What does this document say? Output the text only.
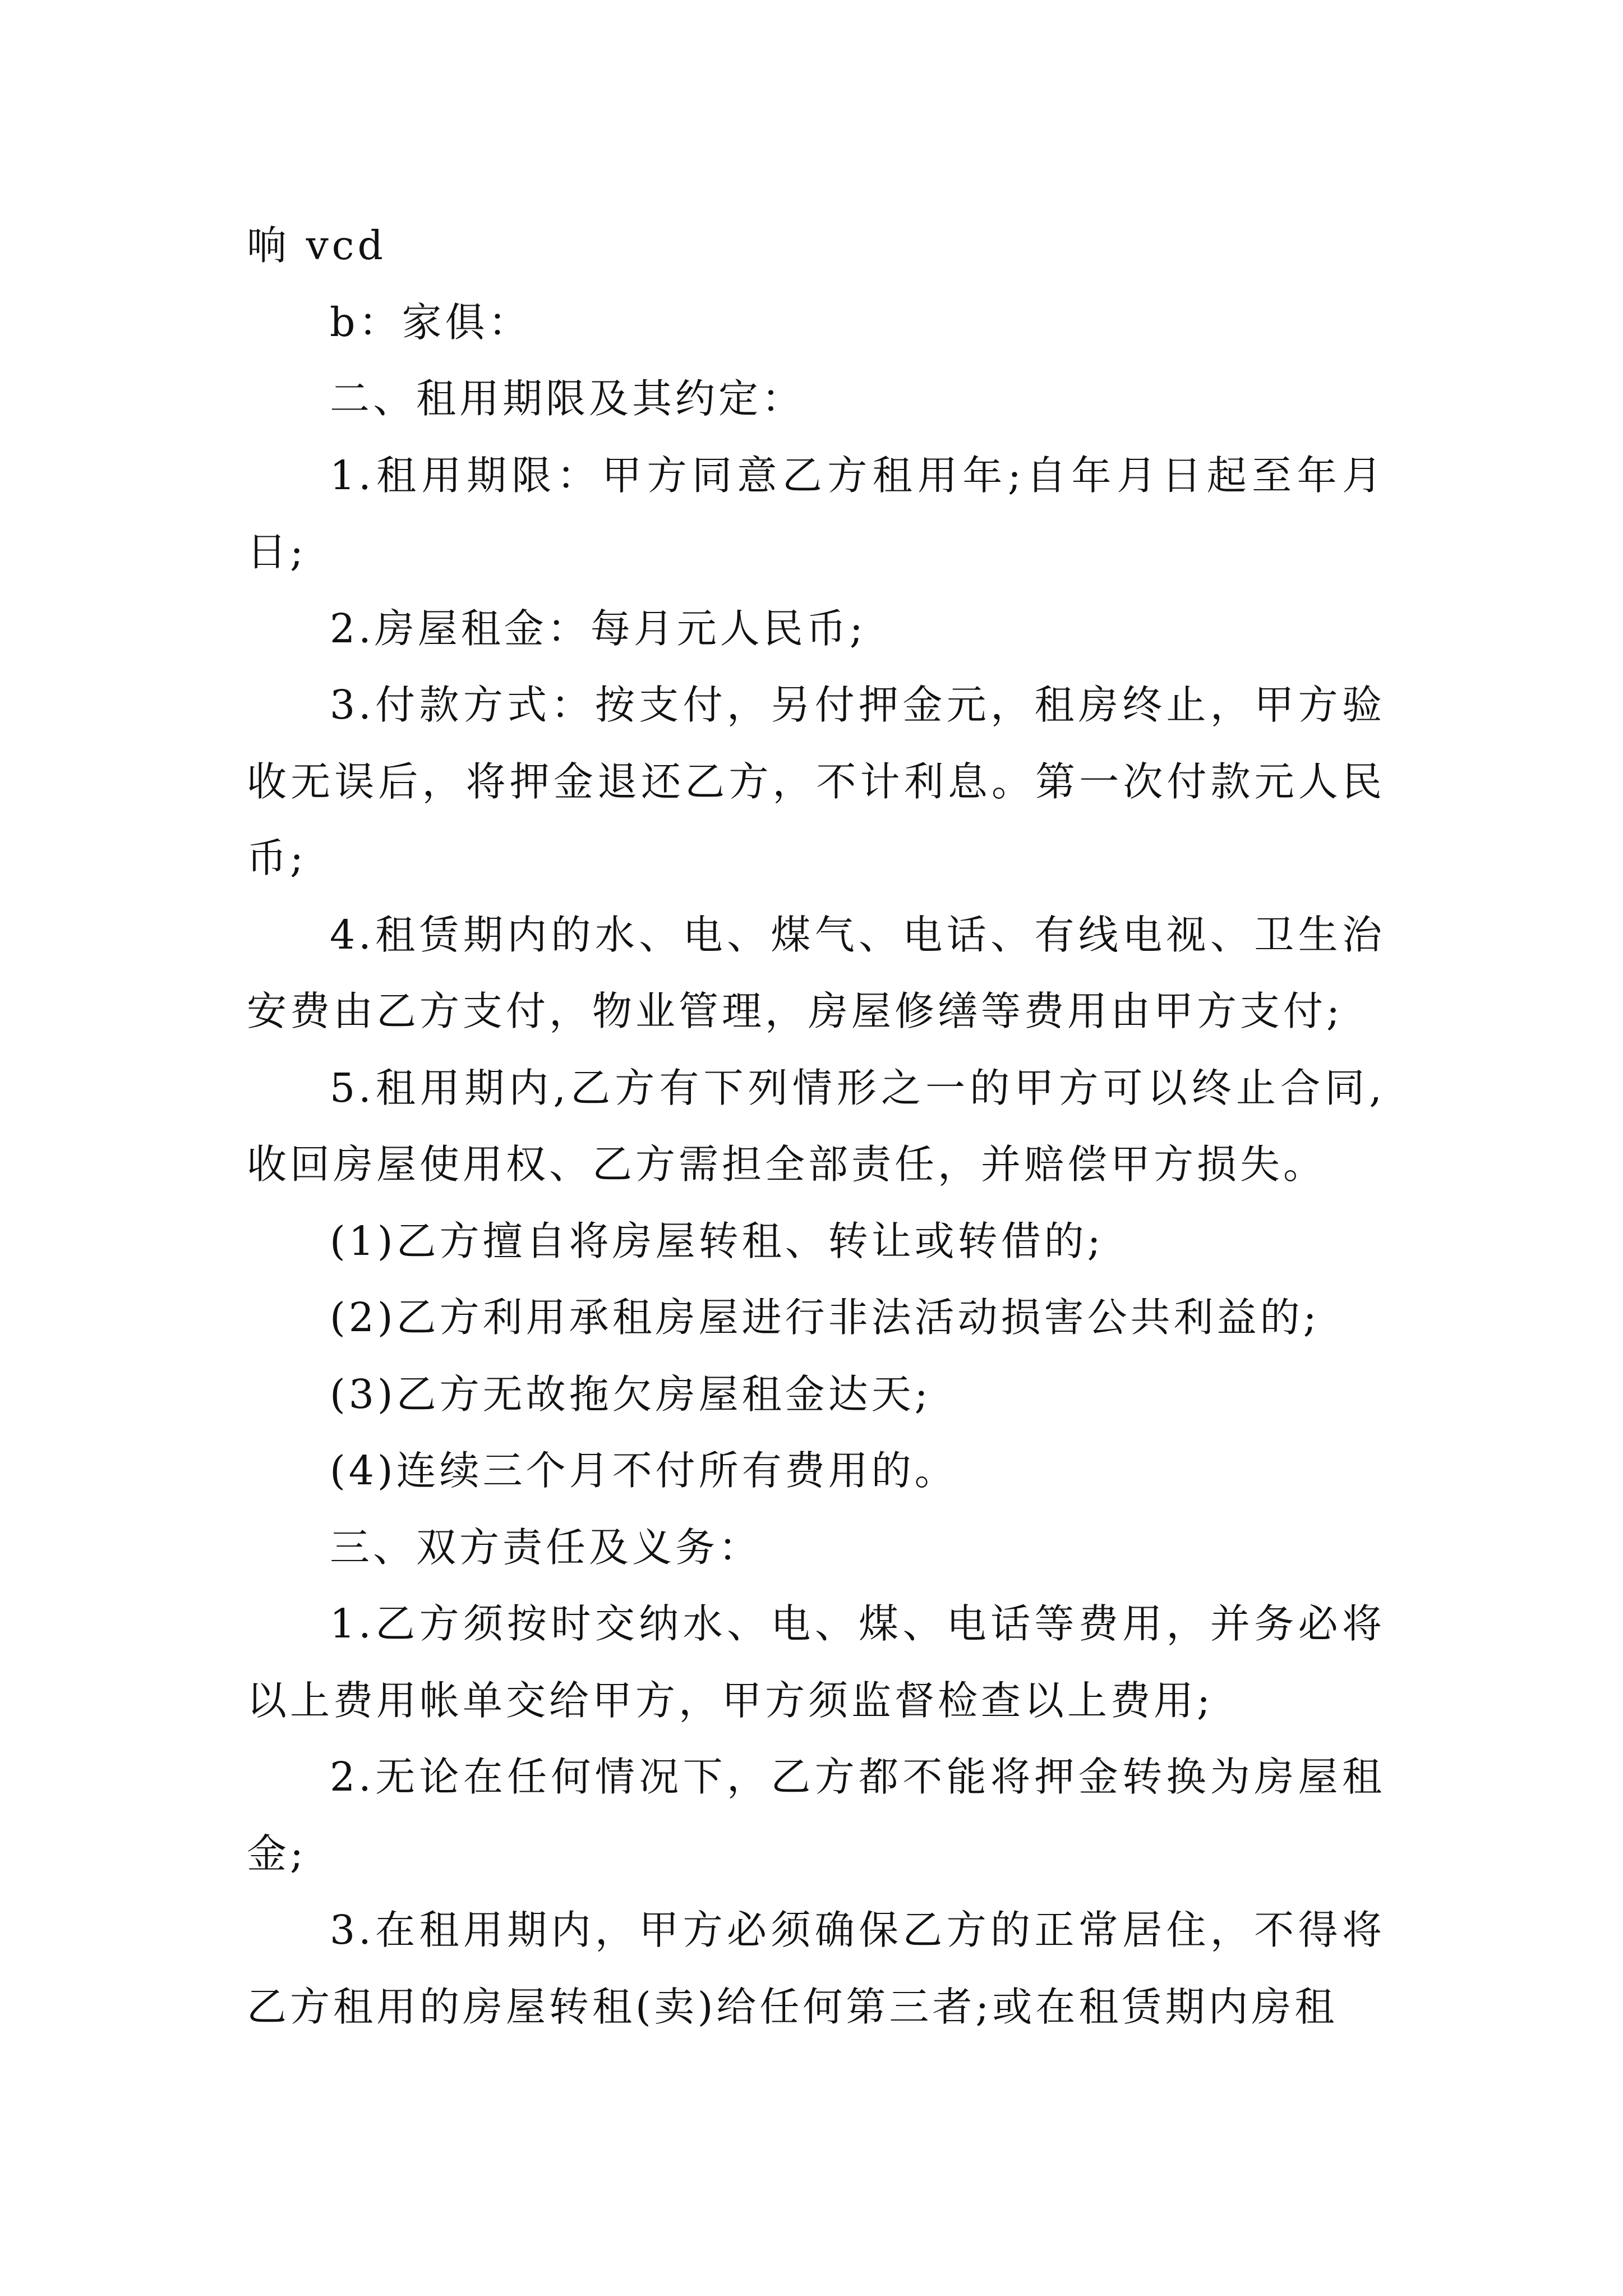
响 vcd

b：家俱：

二、租用期限及其约定：

1.租用期限：甲方同意乙方租用年;自年月日起至年月日;

2.房屋租金：每月元人民币;

3.付款方式：按支付，另付押金元，租房终止，甲方验收无误后，将押金退还乙方，不计利息。第一次付款元人民币;

4.租赁期内的水、电、煤气、电话、有线电视、卫生治安费由乙方支付，物业管理，房屋修缮等费用由甲方支付;

5.租用期内,乙方有下列情形之一的甲方可以终止合同,收回房屋使用权、乙方需担全部责任，并赔偿甲方损失。

(1)乙方擅自将房屋转租、转让或转借的;

(2)乙方利用承租房屋进行非法活动损害公共利益的;

(3)乙方无故拖欠房屋租金达天;

(4)连续三个月不付所有费用的。

三、双方责任及义务：

1.乙方须按时交纳水、电、煤、电话等费用，并务必将以上费用帐单交给甲方，甲方须监督检查以上费用;

2.无论在任何情况下，乙方都不能将押金转换为房屋租金;

3.在租用期内，甲方必须确保乙方的正常居住，不得将乙方租用的房屋转租(卖)给任何第三者;或在租赁期内房租
